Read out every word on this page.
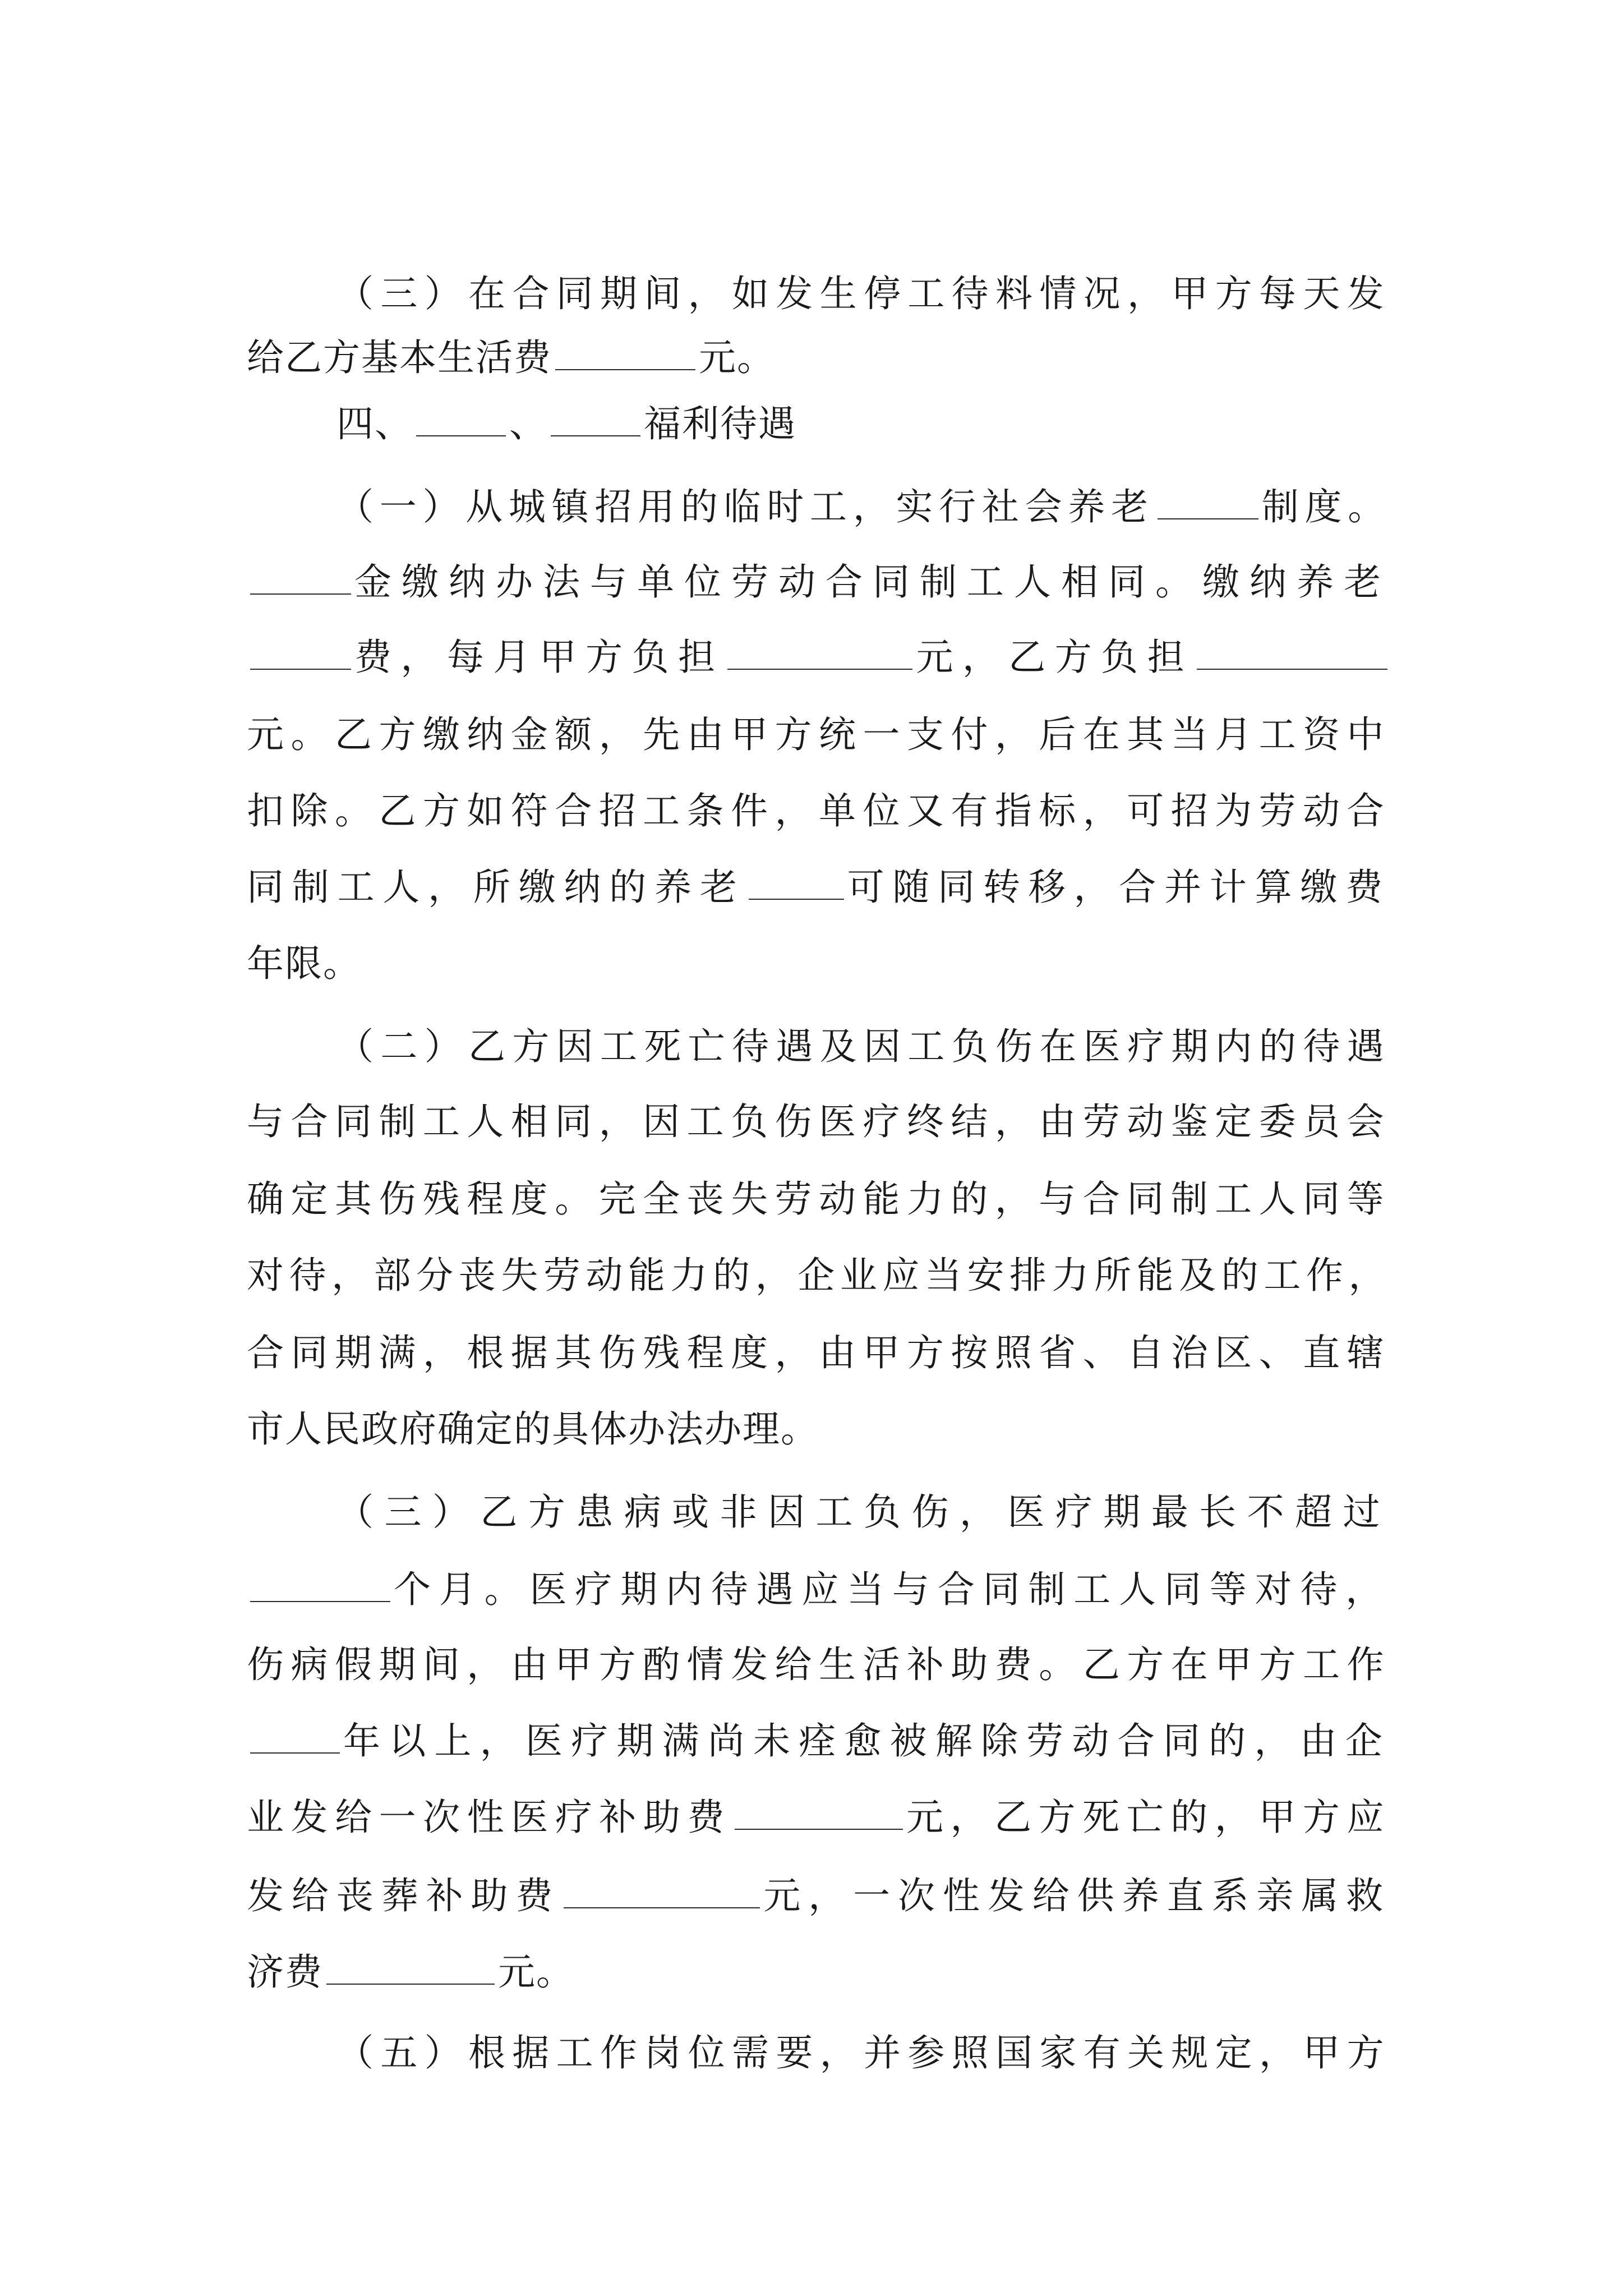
（三）在合同期间，如发生停工待料情况，甲方每天发
给乙方基本生活费	元。
四、	、	福利待遇
（一）从城镇招用的临时工，实行社会养老	制度。
金缴纳办法与单位劳动合同制工人相同。缴纳养老
费，每月甲方负担	元，乙方负担
元。乙方缴纳金额，先由甲方统一支付，后在其当月工资中
扣除。乙方如符合招工条件，单位又有指标，可招为劳动合
同制工人，所缴纳的养老	可随同转移，合并计算缴费
年限。
（二）乙方因工死亡待遇及因工负伤在医疗期内的待遇
与合同制工人相同，因工负伤医疗终结，由劳动鉴定委员会
确定其伤残程度。完全丧失劳动能力的，与合同制工人同等
对待，部分丧失劳动能力的，企业应当安排力所能及的工作，
合同期满，根据其伤残程度，由甲方按照省、自治区、直辖
市人民政府确定的具体办法办理。
（三）乙方患病或非因工负伤，医疗期最长不超过
个月。医疗期内待遇应当与合同制工人同等对待，
伤病假期间，由甲方酌情发给生活补助费。乙方在甲方工作
年以上，医疗期满尚未痊愈被解除劳动合同的，由企
业发给一次性医疗补助费	元，乙方死亡的，甲方应
发给丧葬补助费	元，一次性发给供养直系亲属救
济费	元。
（五）根据工作岗位需要，并参照国家有关规定，甲方
